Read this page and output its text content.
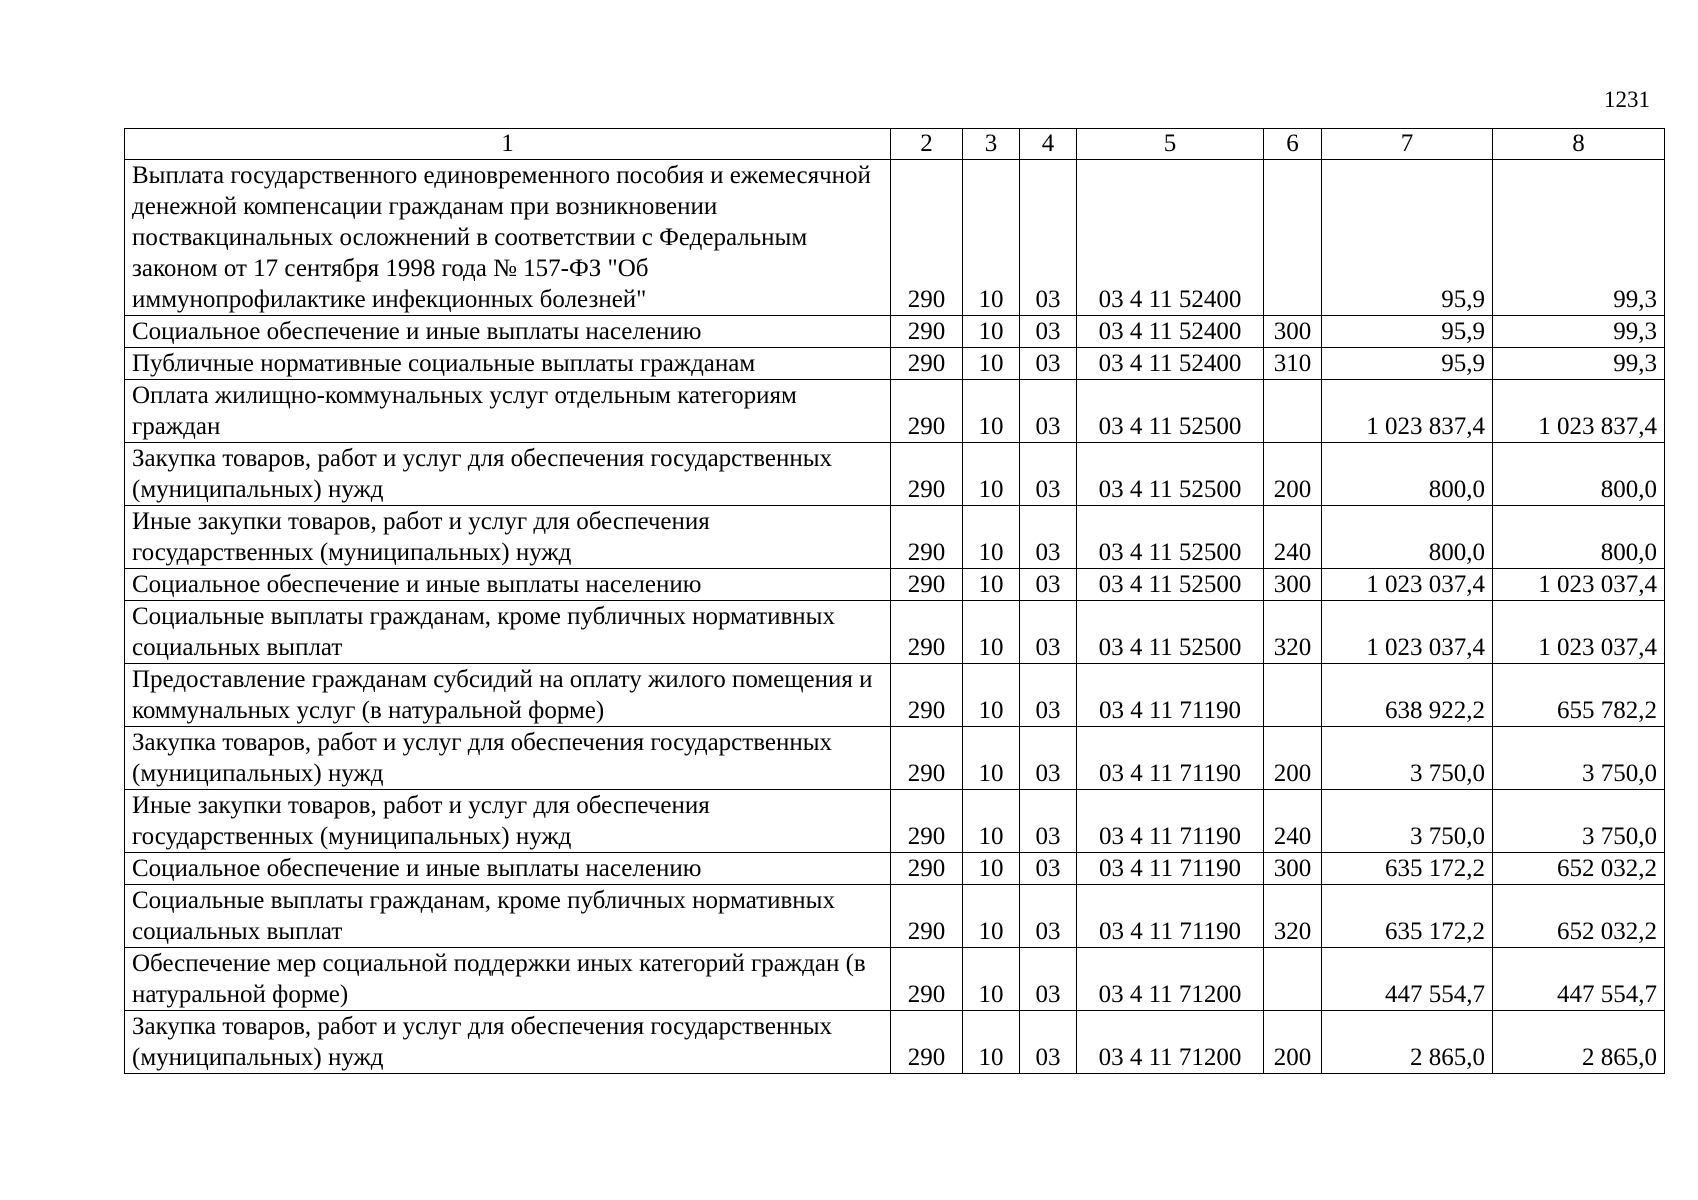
1231
1	2	3	4	5	6	7	8
Выплата государственного единовременного пособия и ежемесячной денежной компенсации гражданам при возникновении поствакцинальных осложнений в соответствии с Федеральным законом от 17 сентября 1998 года № 157-ФЗ "Об иммунопрофилактике инфекционных болезней"	290	10	03	03 4 11 52400		95,9	99,3
Социальное обеспечение и иные выплаты населению	290	10	03	03 4 11 52400	300	95,9	99,3
Публичные нормативные социальные выплаты гражданам	290	10	03	03 4 11 52400	310	95,9	99,3
Оплата жилищно-коммунальных услуг отдельным категориям граждан	290	10	03	03 4 11 52500		1 023 837,4	1 023 837,4
Закупка товаров, работ и услуг для обеспечения государственных (муниципальных) нужд	290	10	03	03 4 11 52500	200	800,0	800,0
Иные закупки товаров, работ и услуг для обеспечения государственных (муниципальных) нужд	290	10	03	03 4 11 52500	240	800,0	800,0
Социальное обеспечение и иные выплаты населению	290	10	03	03 4 11 52500	300	1 023 037,4	1 023 037,4
Социальные выплаты гражданам, кроме публичных нормативных социальных выплат	290	10	03	03 4 11 52500	320	1 023 037,4	1 023 037,4
Предоставление гражданам субсидий на оплату жилого помещения и коммунальных услуг (в натуральной форме)	290	10	03	03 4 11 71190		638 922,2	655 782,2
Закупка товаров, работ и услуг для обеспечения государственных (муниципальных) нужд	290	10	03	03 4 11 71190	200	3 750,0	3 750,0
Иные закупки товаров, работ и услуг для обеспечения государственных (муниципальных) нужд	290	10	03	03 4 11 71190	240	3 750,0	3 750,0
Социальное обеспечение и иные выплаты населению	290	10	03	03 4 11 71190	300	635 172,2	652 032,2
Социальные выплаты гражданам, кроме публичных нормативных социальных выплат	290	10	03	03 4 11 71190	320	635 172,2	652 032,2
Обеспечение мер социальной поддержки иных категорий граждан (в натуральной форме)	290	10	03	03 4 11 71200		447 554,7	447 554,7
Закупка товаров, работ и услуг для обеспечения государственных (муниципальных) нужд	290	10	03	03 4 11 71200	200	2 865,0	2 865,0
